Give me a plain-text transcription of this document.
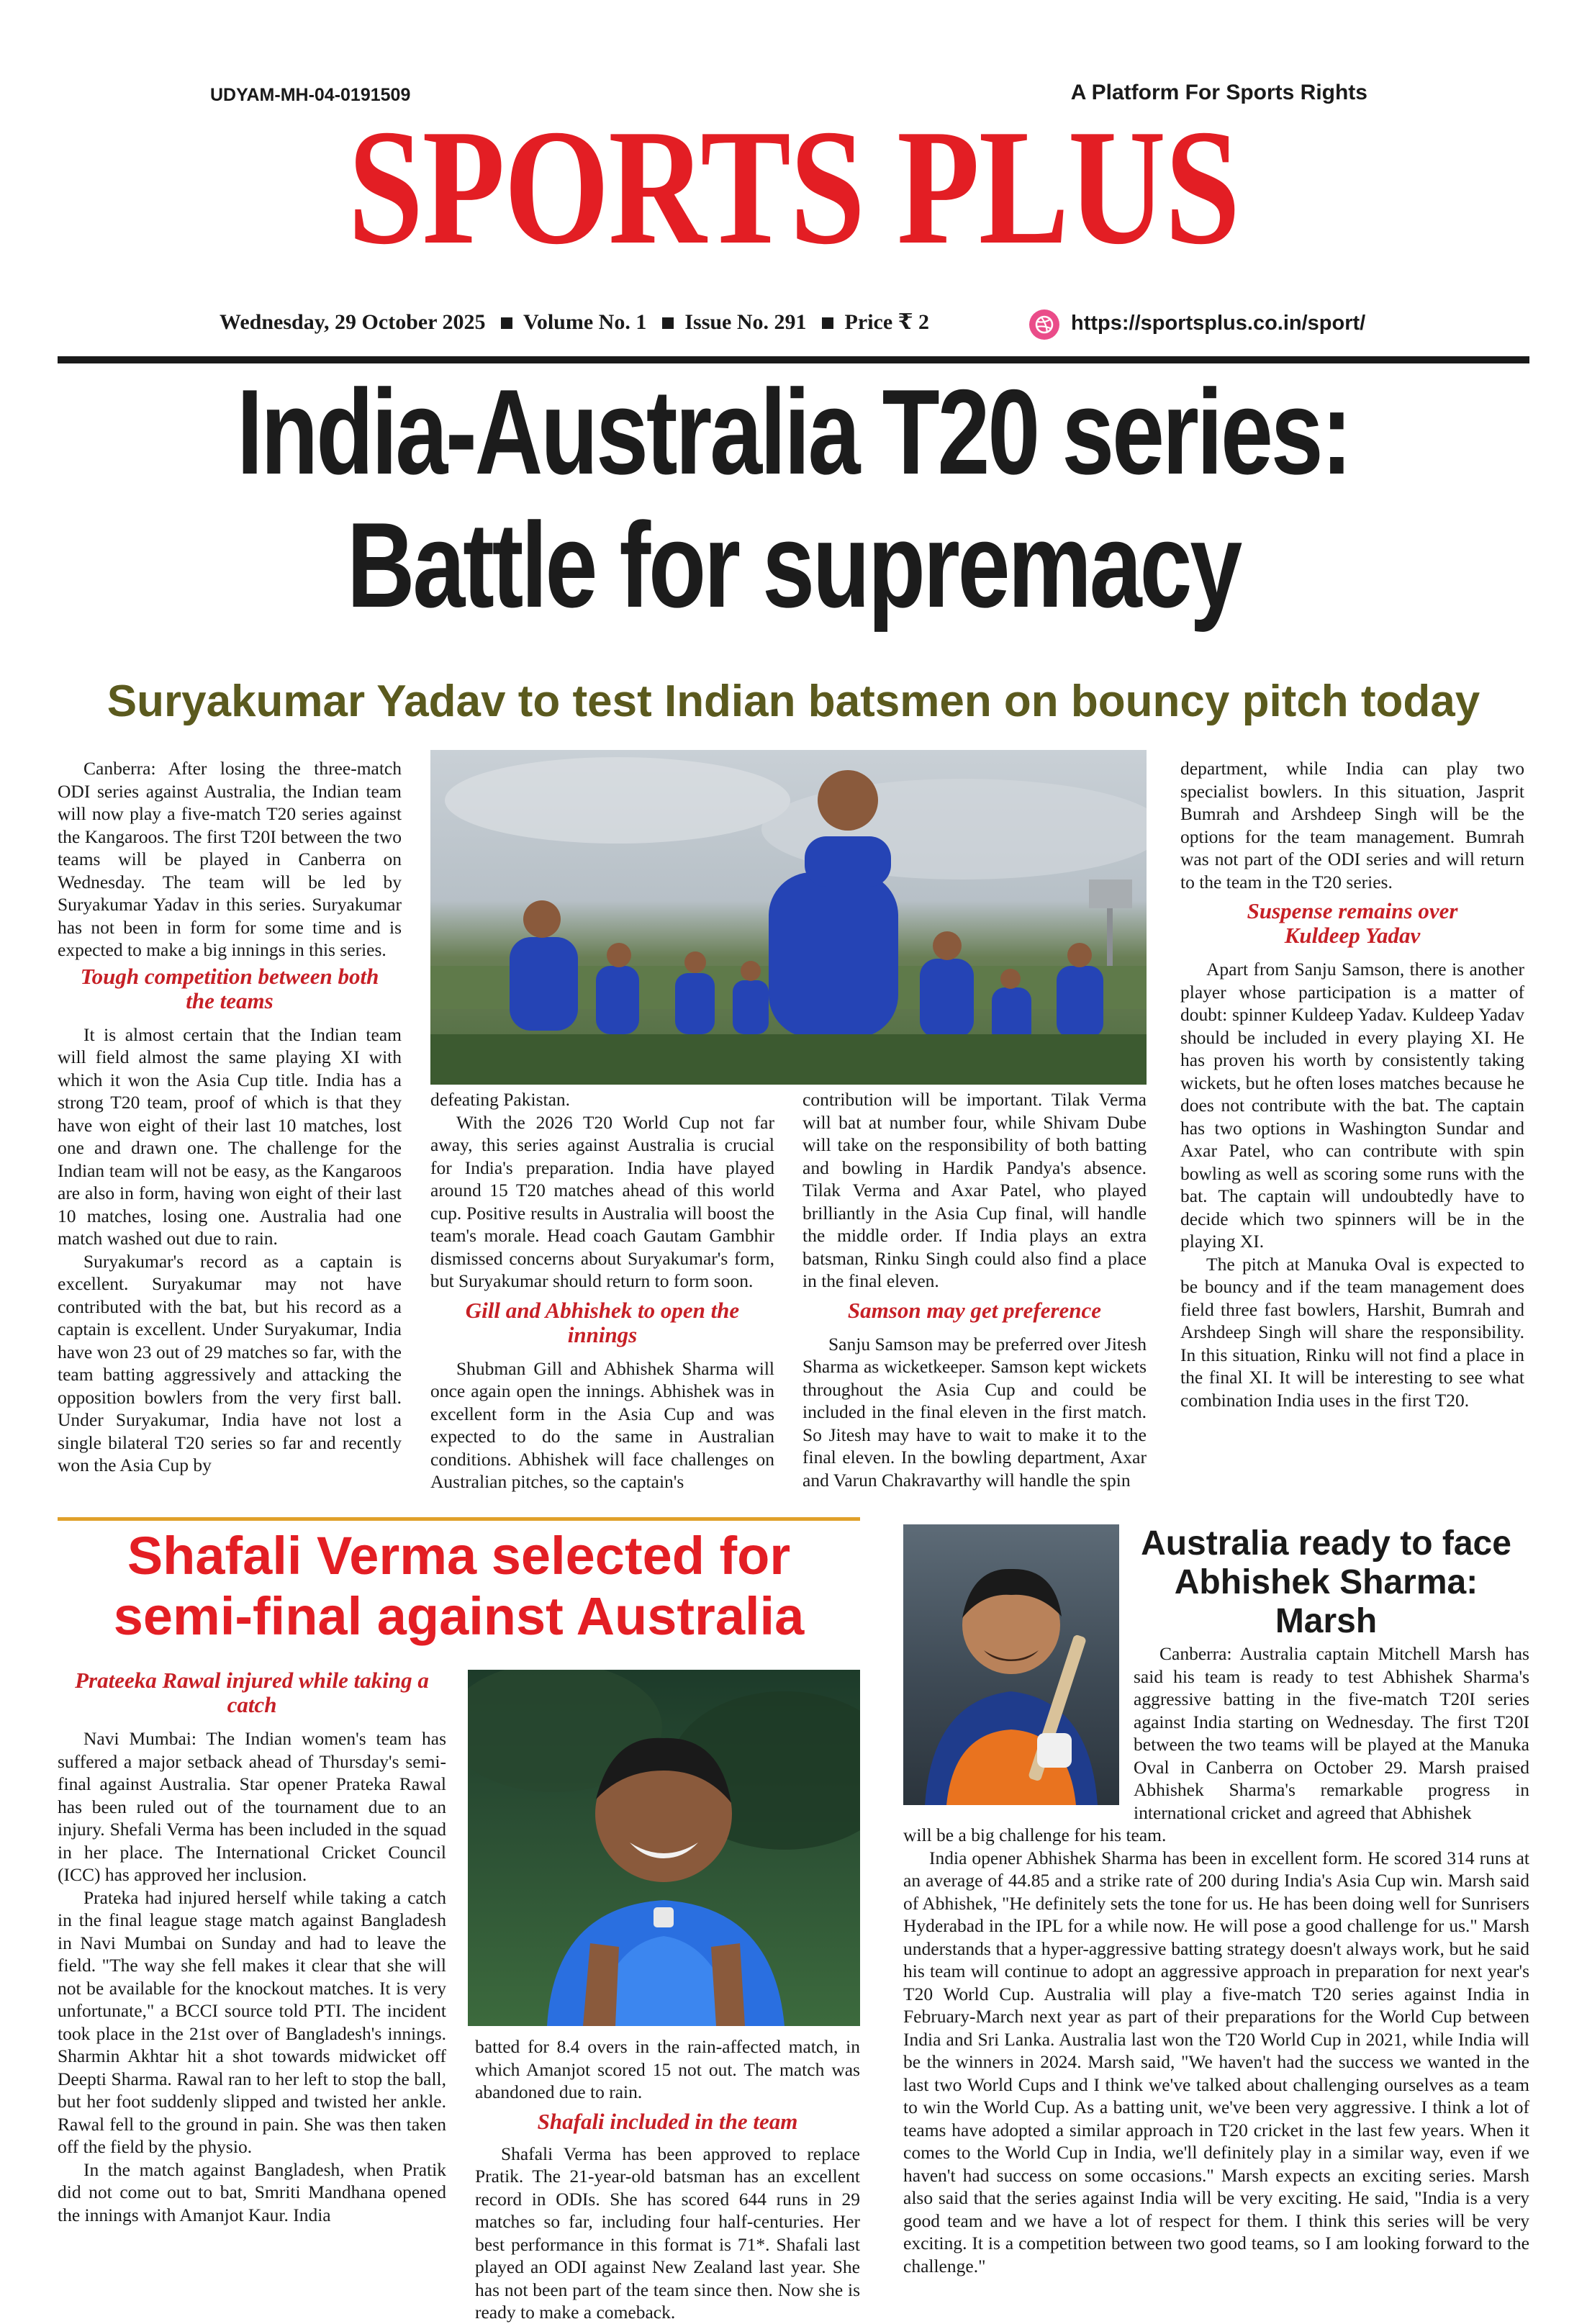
UDYAM-MH-04-0191509	A Platform For Sports Rights
SPORTS PLUS
Wednesday, 29 October 2025 Volume No. 1 Issue No. 291 Price ₹ 2	https://sportsplus.co.in/sport/
India-Australia T20 series:
Battle for supremacy
Suryakumar Yadav to test Indian batsmen on bouncy pitch today

Canberra: After losing the three-match ODI series against Australia, the Indian team will now play a five-match T20 series against the Kangaroos. The first T20I between the two teams will be played in Canberra on Wednesday. The team will be led by Suryakumar Yadav in this series. Suryakumar has not been in form for some time and is expected to make a big innings in this series.

Tough competition between both the teams

It is almost certain that the Indian team will field almost the same playing XI with which it won the Asia Cup title. India has a strong T20 team, proof of which is that they have won eight of their last 10 matches, lost one and drawn one. The challenge for the Indian team will not be easy, as the Kangaroos are also in form, having won eight of their last 10 matches, losing one. Australia had one match washed out due to rain.

Suryakumar's record as a captain is excellent. Suryakumar may not have contributed with the bat, but his record as a captain is excellent. Under Suryakumar, India have won 23 out of 29 matches so far, with the team batting aggressively and attacking the opposition bowlers from the very first ball. Under Suryakumar, India have not lost a single bilateral T20 series so far and recently won the Asia Cup by

defeating Pakistan.

With the 2026 T20 World Cup not far away, this series against Australia is crucial for India's preparation. India have played around 15 T20 matches ahead of this world cup. Positive results in Australia will boost the team's morale. Head coach Gautam Gambhir dismissed concerns about Suryakumar's form, but Suryakumar should return to form soon.

Gill and Abhishek to open the innings

Shubman Gill and Abhishek Sharma will once again open the innings. Abhishek was in excellent form in the Asia Cup and was expected to do the same in Australian conditions. Abhishek will face challenges on Australian pitches, so the captain's

contribution will be important. Tilak Verma will bat at number four, while Shivam Dube will take on the responsibility of both batting and bowling in Hardik Pandya's absence. Tilak Verma and Axar Patel, who played brilliantly in the Asia Cup final, will handle the middle order. If India plays an extra batsman, Rinku Singh could also find a place in the final eleven.

Samson may get preference

Sanju Samson may be preferred over Jitesh Sharma as wicketkeeper. Samson kept wickets throughout the Asia Cup and could be included in the final eleven in the first match. So Jitesh may have to wait to make it to the final eleven. In the bowling department, Axar and Varun Chakravarthy will handle the spin

department, while India can play two specialist bowlers. In this situation, Jasprit Bumrah and Arshdeep Singh will be the options for the team management. Bumrah was not part of the ODI series and will return to the team in the T20 series.

Suspense remains over Kuldeep Yadav

Apart from Sanju Samson, there is another player whose participation is a matter of doubt: spinner Kuldeep Yadav. Kuldeep Yadav should be included in every playing XI. He has proven his worth by consistently taking wickets, but he often loses matches because he does not contribute with the bat. The captain has two options in Washington Sundar and Axar Patel, who can contribute with spin bowling as well as scoring some runs with the bat. The captain will undoubtedly have to decide which two spinners will be in the playing XI.

The pitch at Manuka Oval is expected to be bouncy and if the team management does field three fast bowlers, Harshit, Bumrah and Arshdeep Singh will share the responsibility. In this situation, Rinku will not find a place in the final XI. It will be interesting to see what combination India uses in the first T20.

Shafali Verma selected for
semi-final against Australia
Prateeka Rawal injured while taking a catch

Navi Mumbai: The Indian women's team has suffered a major setback ahead of Thursday's semi-final against Australia. Star opener Prateka Rawal has been ruled out of the tournament due to an injury. Shefali Verma has been included in the squad in her place. The International Cricket Council (ICC) has approved her inclusion.

Prateka had injured herself while taking a catch in the final league stage match against Bangladesh in Navi Mumbai on Sunday and had to leave the field. "The way she fell makes it clear that she will not be available for the knockout matches. It is very unfortunate," a BCCI source told PTI. The incident took place in the 21st over of Bangladesh's innings. Sharmin Akhtar hit a shot towards midwicket off Deepti Sharma. Rawal ran to her left to stop the ball, but her foot suddenly slipped and twisted her ankle. Rawal fell to the ground in pain. She was then taken off the field by the physio.

In the match against Bangladesh, when Pratik did not come out to bat, Smriti Mandhana opened the innings with Amanjot Kaur. India

batted for 8.4 overs in the rain-affected match, in which Amanjot scored 15 not out. The match was abandoned due to rain.

Shafali included in the team

Shafali Verma has been approved to replace Pratik. The 21-year-old batsman has an excellent record in ODIs. She has scored 644 runs in 29 matches so far, including four half-centuries. Her best performance in this format is 71*. Shafali last played an ODI against New Zealand last year. She has not been part of the team since then. Now she is ready to make a comeback.

Australia ready to face
Abhishek Sharma:
Marsh

Canberra: Australia captain Mitchell Marsh has said his team is ready to test Abhishek Sharma's aggressive batting in the five-match T20I series against India starting on Wednesday. The first T20I between the two teams will be played at the Manuka Oval in Canberra on October 29. Marsh praised Abhishek Sharma's remarkable progress in international cricket and agreed that Abhishek

will be a big challenge for his team.

India opener Abhishek Sharma has been in excellent form. He scored 314 runs at an average of 44.85 and a strike rate of 200 during India's Asia Cup win. Marsh said of Abhishek, "He definitely sets the tone for us. He has been doing well for Sunrisers Hyderabad in the IPL for a while now. He will pose a good challenge for us." Marsh understands that a hyper-aggressive batting strategy doesn't always work, but he said his team will continue to adopt an aggressive approach in preparation for next year's T20 World Cup. Australia will play a five-match T20 series against India in February-March next year as part of their preparations for the World Cup between India and Sri Lanka. Australia last won the T20 World Cup in 2021, while India will be the winners in 2024. Marsh said, "We haven't had the success we wanted in the last two World Cups and I think we've talked about challenging ourselves as a team to win the World Cup. As a batting unit, we've been very aggressive. I think a lot of teams have adopted a similar approach in T20 cricket in the last few years. When it comes to the World Cup in India, we'll definitely play in a similar way, even if we haven't had success on some occasions." Marsh expects an exciting series. Marsh also said that the series against India will be very exciting. He said, "India is a very good team and we have a lot of respect for them. I think this series will be very exciting. It is a competition between two good teams, so I am looking forward to the challenge."
